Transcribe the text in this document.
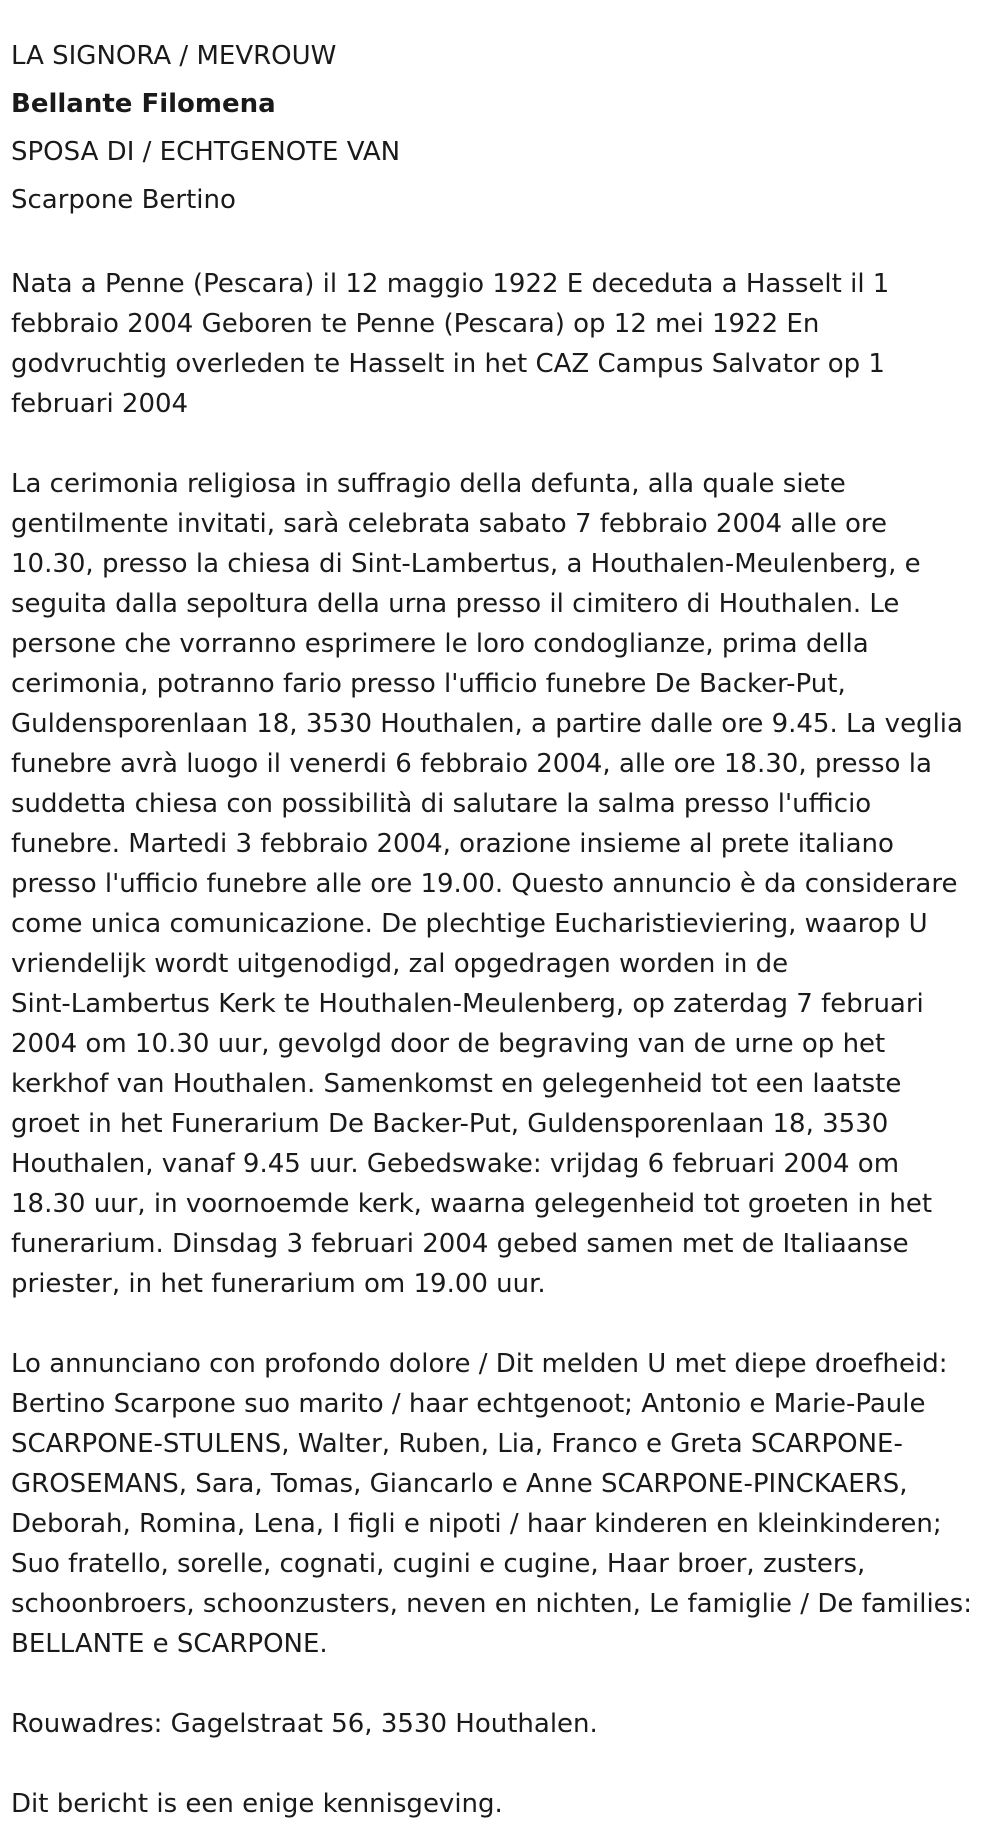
LA SIGNORA / MEVROUW
Bellante Filomena
SPOSA DI / ECHTGENOTE VAN
Scarpone Bertino
Nata a Penne (Pescara) il 12 maggio 1922 E deceduta a Hasselt il 1
febbraio 2004 Geboren te Penne (Pescara) op 12 mei 1922 En
godvruchtig overleden te Hasselt in het CAZ Campus Salvator op 1
februari 2004
La cerimonia religiosa in suffragio della defunta, alla quale siete
gentilmente invitati, sarà celebrata sabato 7 febbraio 2004 alle ore
10.30, presso la chiesa di Sint-Lambertus, a Houthalen-Meulenberg, e
seguita dalla sepoltura della urna presso il cimitero di Houthalen. Le
persone che vorranno esprimere le loro condoglianze, prima della
cerimonia, potranno fario presso l'ufficio funebre De Backer-Put,
Guldensporenlaan 18, 3530 Houthalen, a partire dalle ore 9.45. La veglia
funebre avrà luogo il venerdi 6 febbraio 2004, alle ore 18.30, presso la
suddetta chiesa con possibilità di salutare la salma presso l'ufficio
funebre. Martedi 3 febbraio 2004, orazione insieme al prete italiano
presso l'ufficio funebre alle ore 19.00. Questo annuncio è da considerare
come unica comunicazione. De plechtige Eucharistieviering, waarop U
vriendelijk wordt uitgenodigd, zal opgedragen worden in de
Sint-Lambertus Kerk te Houthalen-Meulenberg, op zaterdag 7 februari
2004 om 10.30 uur, gevolgd door de begraving van de urne op het
kerkhof van Houthalen. Samenkomst en gelegenheid tot een laatste
groet in het Funerarium De Backer-Put, Guldensporenlaan 18, 3530
Houthalen, vanaf 9.45 uur. Gebedswake: vrijdag 6 februari 2004 om
18.30 uur, in voornoemde kerk, waarna gelegenheid tot groeten in het
funerarium. Dinsdag 3 februari 2004 gebed samen met de Italiaanse
priester, in het funerarium om 19.00 uur.
Lo annunciano con profondo dolore / Dit melden U met diepe droefheid:
Bertino Scarpone suo marito / haar echtgenoot; Antonio e Marie-Paule
SCARPONE-STULENS, Walter, Ruben, Lia, Franco e Greta SCARPONE-
GROSEMANS, Sara, Tomas, Giancarlo e Anne SCARPONE-PINCKAERS,
Deborah, Romina, Lena, I figli e nipoti / haar kinderen en kleinkinderen;
Suo fratello, sorelle, cognati, cugini e cugine, Haar broer, zusters,
schoonbroers, schoonzusters, neven en nichten, Le famiglie / De families:
BELLANTE e SCARPONE.
Rouwadres: Gagelstraat 56, 3530 Houthalen.
Dit bericht is een enige kennisgeving.
